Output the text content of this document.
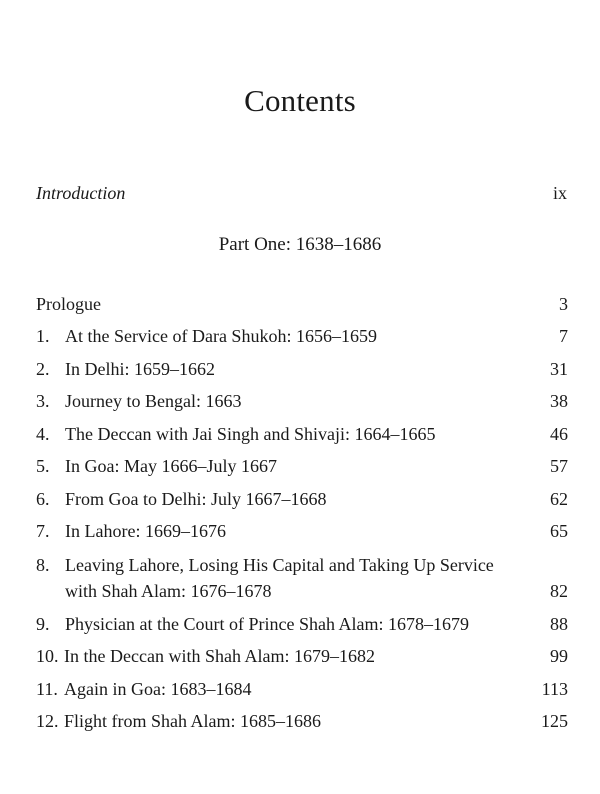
Contents
Introduction	ix
Part One: 1638–1686
Prologue	3
1. At the Service of Dara Shukoh: 1656–1659	7
2. In Delhi: 1659–1662	31
3. Journey to Bengal: 1663	38
4. The Deccan with Jai Singh and Shivaji: 1664–1665	46
5. In Goa: May 1666–July 1667	57
6. From Goa to Delhi: July 1667–1668	62
7. In Lahore: 1669–1676	65
8. Leaving Lahore, Losing His Capital and Taking Up Service with Shah Alam: 1676–1678	82
9. Physician at the Court of Prince Shah Alam: 1678–1679	88
10. In the Deccan with Shah Alam: 1679–1682	99
11. Again in Goa: 1683–1684	113
12. Flight from Shah Alam: 1685–1686	125
